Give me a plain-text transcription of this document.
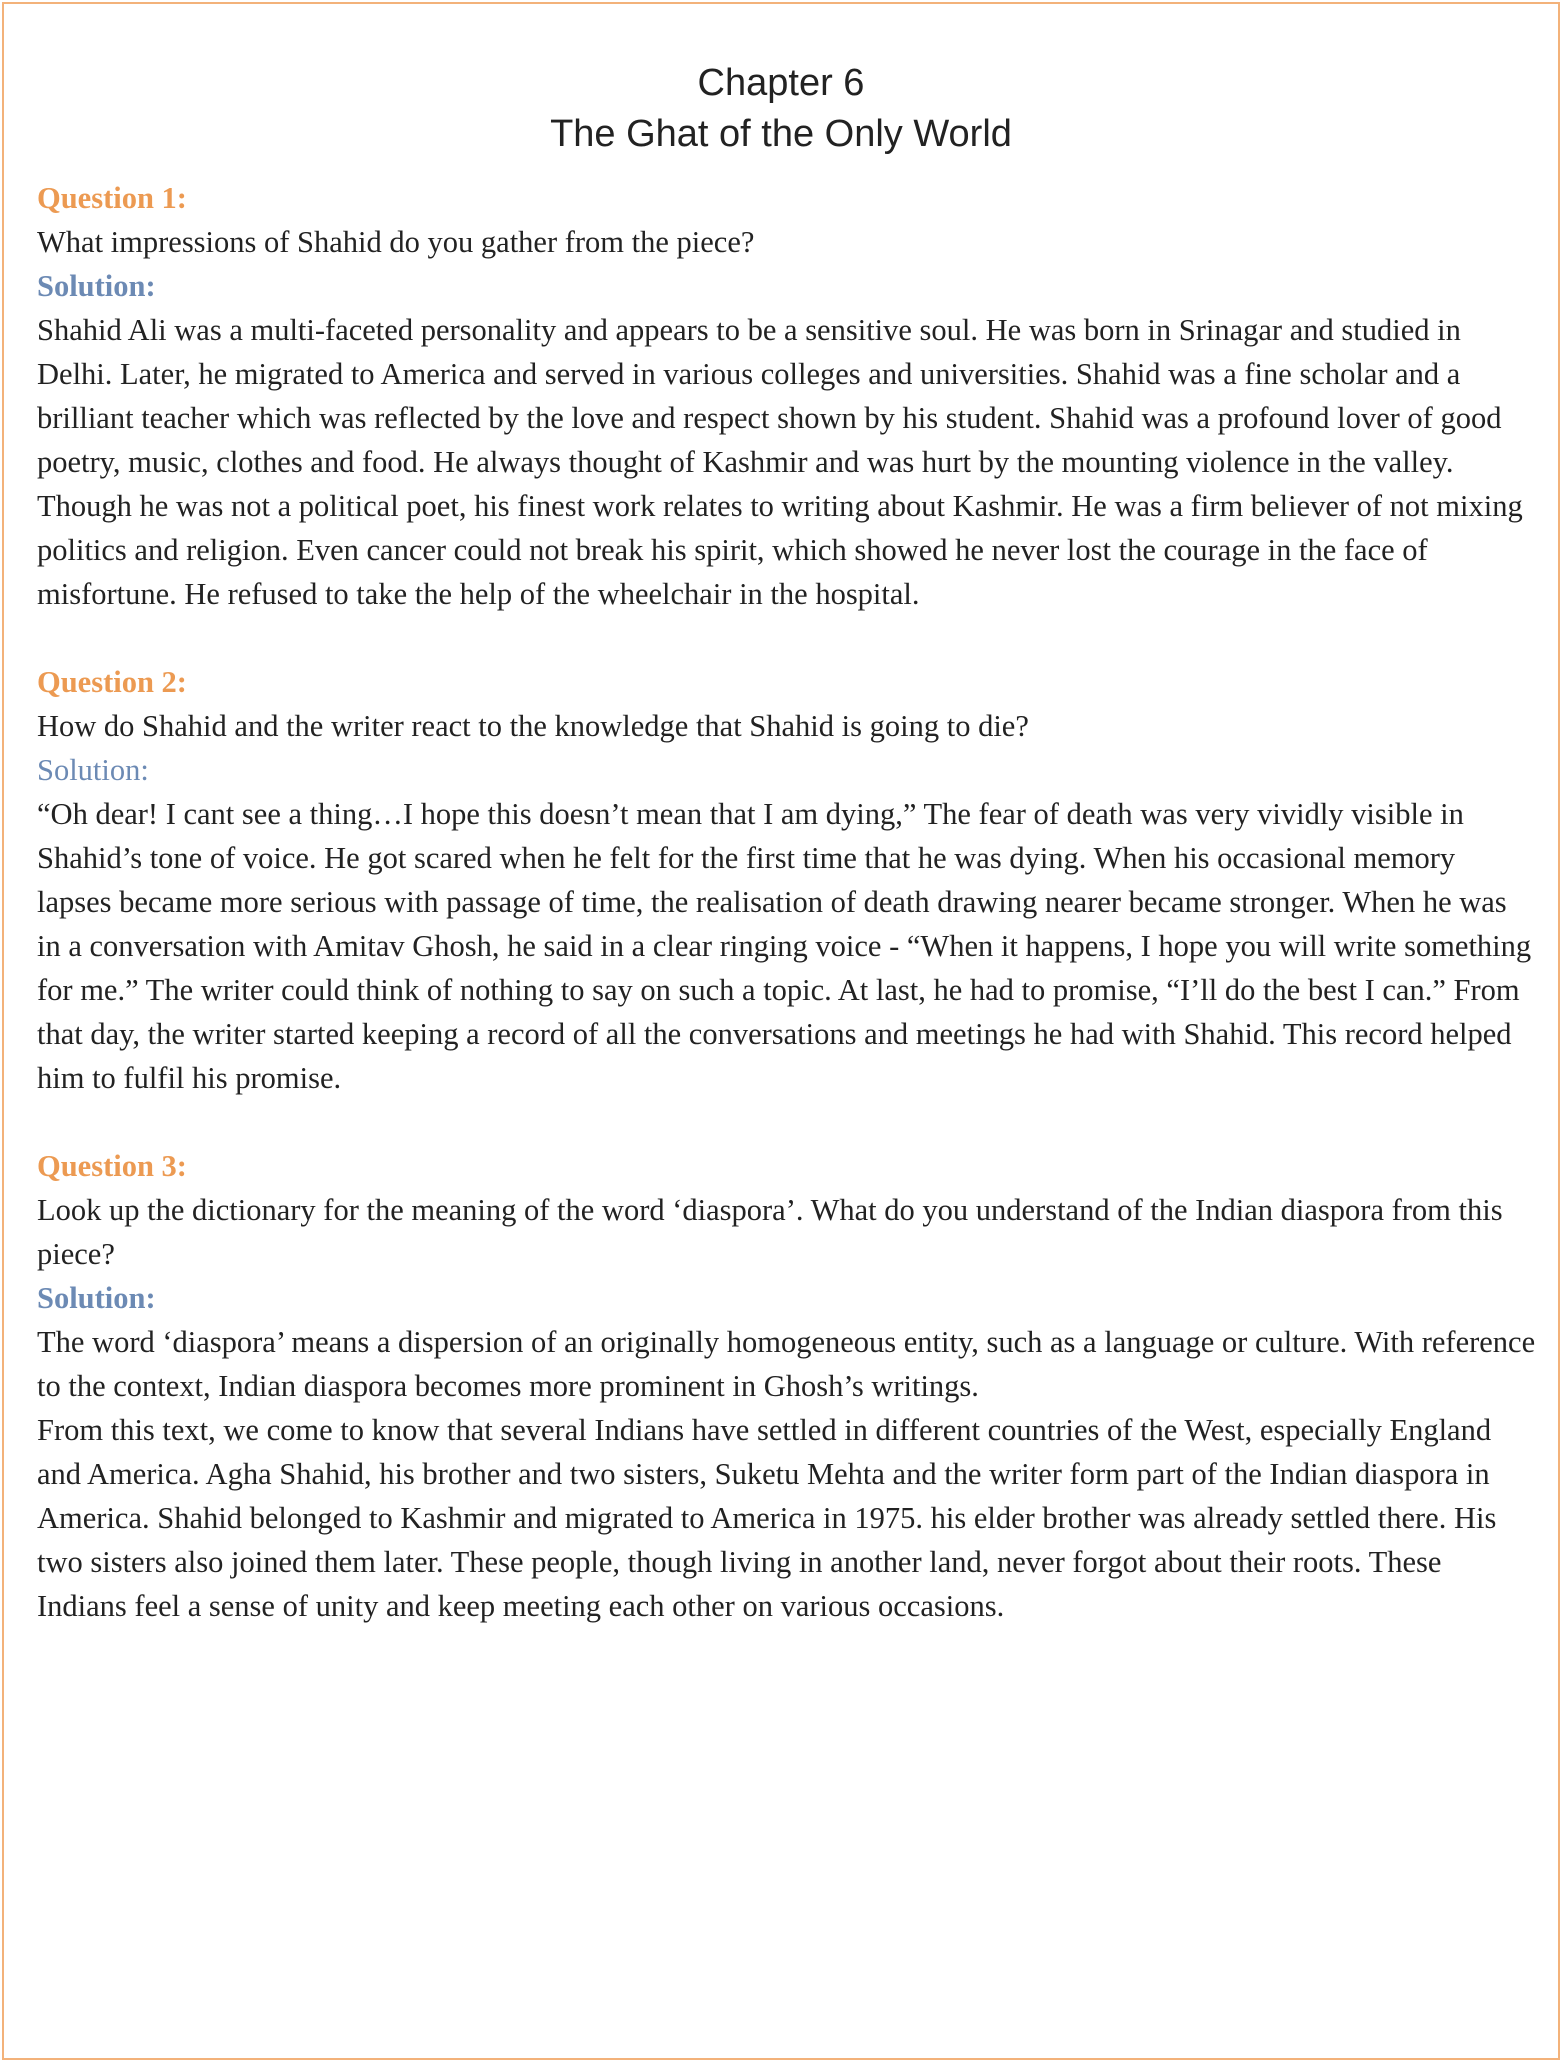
Chapter 6
The Ghat of the Only World
Question 1:
What impressions of Shahid do you gather from the piece?
Solution:

Shahid Ali was a multi-faceted personality and appears to be a sensitive soul. He was born in Srinagar and studied in Delhi. Later, he migrated to America and served in various colleges and universities. Shahid was a fine scholar and a brilliant teacher which was reflected by the love and respect shown by his student. Shahid was a profound lover of good poetry, music, clothes and food. He always thought of Kashmir and was hurt by the mounting violence in the valley. Though he was not a political poet, his finest work relates to writing about Kashmir. He was a firm believer of not mixing politics and religion. Even cancer could not break his spirit, which showed he never lost the courage in the face of misfortune. He refused to take the help of the wheelchair in the hospital.

Question 2:
How do Shahid and the writer react to the knowledge that Shahid is going to die?
Solution:

“Oh dear! I cant see a thing…I hope this doesn’t mean that I am dying,” The fear of death was very vividly visible in Shahid’s tone of voice. He got scared when he felt for the first time that he was dying. When his occasional memory lapses became more serious with passage of time, the realisation of death drawing nearer became stronger. When he was in a conversation with Amitav Ghosh, he said in a clear ringing voice - “When it happens, I hope you will write something for me.” The writer could think of nothing to say on such a topic. At last, he had to promise, “I’ll do the best I can.” From that day, the writer started keeping a record of all the conversations and meetings he had with Shahid. This record helped him to fulfil his promise.

Question 3:
Look up the dictionary for the meaning of the word ‘diaspora’. What do you understand of the Indian diaspora from this piece?
Solution:

The word ‘diaspora’ means a dispersion of an originally homogeneous entity, such as a language or culture. With reference to the context, Indian diaspora becomes more prominent in Ghosh’s writings.

From this text, we come to know that several Indians have settled in different countries of the West, especially England and America. Agha Shahid, his brother and two sisters, Suketu Mehta and the writer form part of the Indian diaspora in America. Shahid belonged to Kashmir and migrated to America in 1975. his elder brother was already settled there. His two sisters also joined them later. These people, though living in another land, never forgot about their roots. These Indians feel a sense of unity and keep meeting each other on various occasions.
